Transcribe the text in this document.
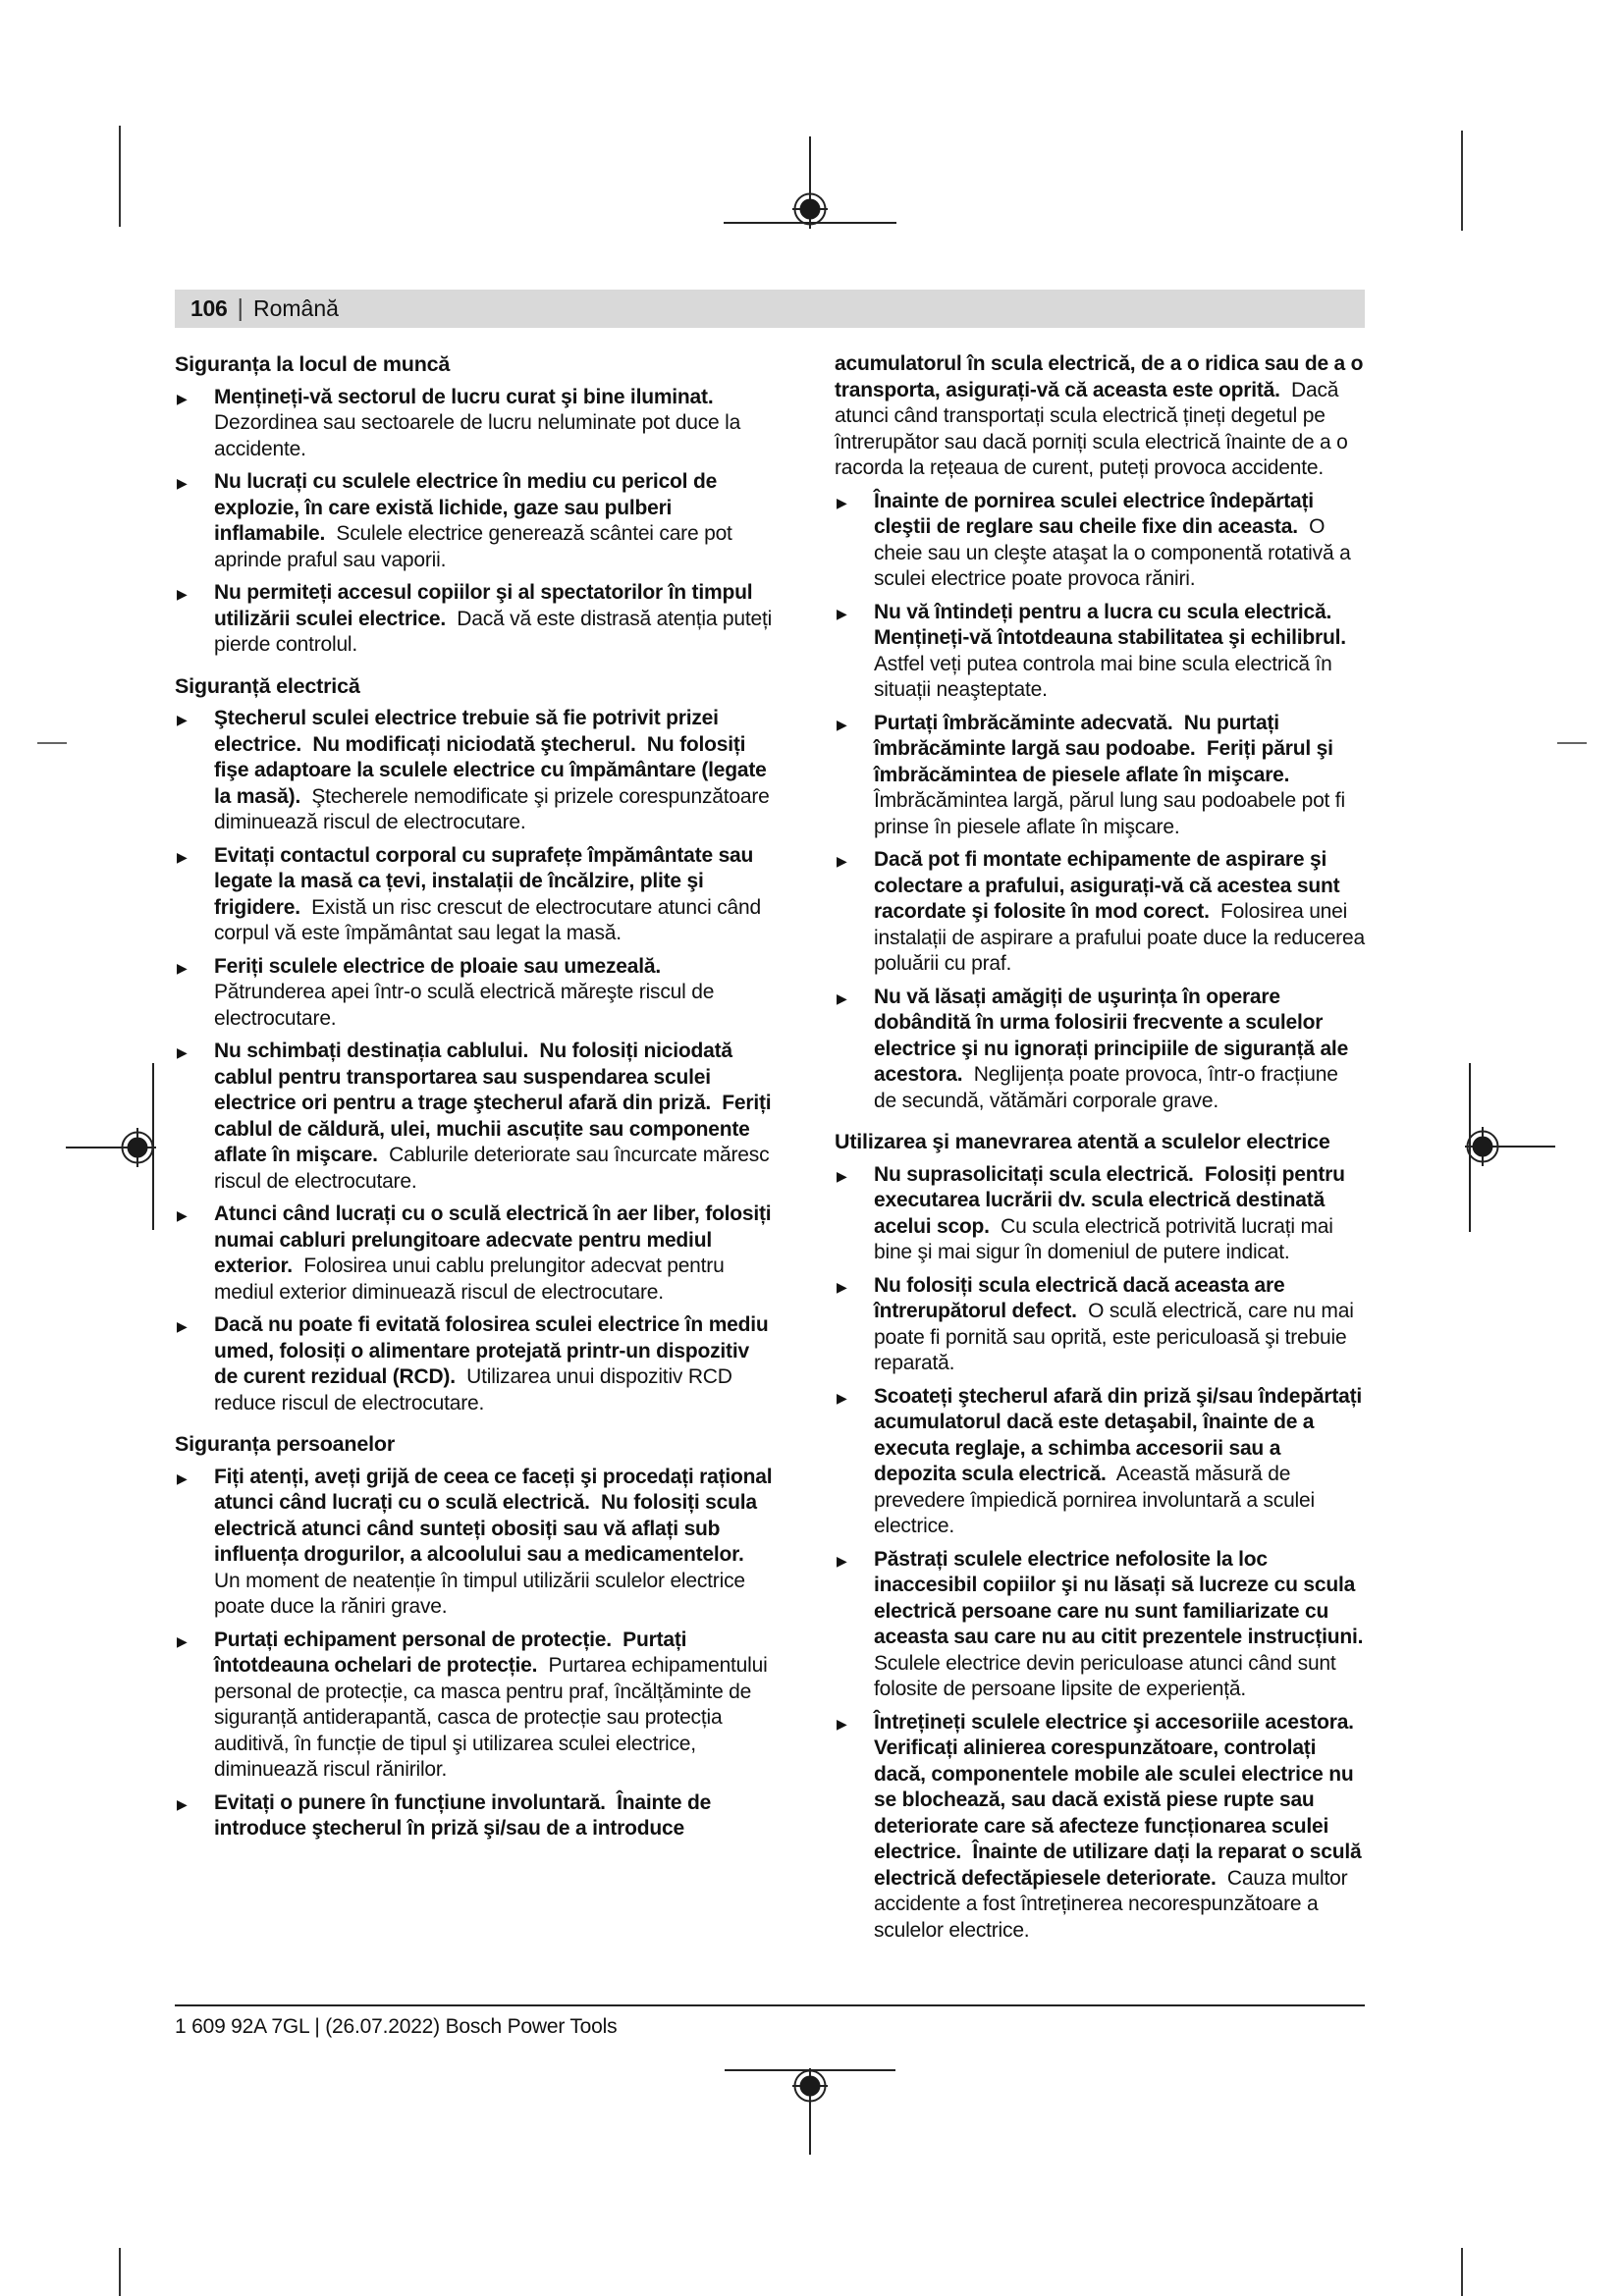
106 | Română
Siguranța la locul de muncă
▶ Mențineți-vă sectorul de lucru curat şi bine iluminat.  Dezordinea sau sectoarele de lucru neluminate pot duce la accidente.
▶ Nu lucrați cu sculele electrice în mediu cu pericol de explozie, în care există lichide, gaze sau pulberi inflamabile.  Sculele electrice generează scântei care pot aprinde praful sau vaporii.
▶ Nu permiteți accesul copiilor şi al spectatorilor în timpul utilizării sculei electrice.  Dacă vă este distrasă atenția puteți pierde controlul.
Siguranță electrică
▶ Ştecherul sculei electrice trebuie să fie potrivit prizei electrice.  Nu modificați niciodată ştecherul.  Nu folosiți fişe adaptoare la sculele electrice cu împământare (legate la masă).  Ştecherele nemodificate şi prizele corespunzătoare diminuează riscul de electrocutare.
▶ Evitați contactul corporal cu suprafețe împământate sau legate la masă ca țevi, instalații de încălzire, plite şi frigidere.  Există un risc crescut de electrocutare atunci când corpul vă este împământat sau legat la masă.
▶ Feriți sculele electrice de ploaie sau umezeală.  Pătrunderea apei într-o sculă electrică măreşte riscul de electrocutare.
▶ Nu schimbați destinația cablului.  Nu folosiți niciodată cablul pentru transportarea sau suspendarea sculei electrice ori pentru a trage ştecherul afară din priză.  Feriți cablul de căldură, ulei, muchii ascuțite sau componente aflate în mişcare.  Cablurile deteriorate sau încurcate măresc riscul de electrocutare.
▶ Atunci când lucrați cu o sculă electrică în aer liber, folosiți numai cabluri prelungitoare adecvate pentru mediul exterior.  Folosirea unui cablu prelungitor adecvat pentru mediul exterior diminuează riscul de electrocutare.
▶ Dacă nu poate fi evitată folosirea sculei electrice în mediu umed, folosiți o alimentare protejată printr-un dispozitiv de curent rezidual (RCD).  Utilizarea unui dispozitiv RCD reduce riscul de electrocutare.
Siguranța persoanelor
▶ Fiți atenți, aveți grijă de ceea ce faceți şi procedați rațional atunci când lucrați cu o sculă electrică.  Nu folosiți scula electrică atunci când sunteți obosiți sau vă aflați sub influența drogurilor, a alcoolului sau a medicamentelor.  Un moment de neatenție în timpul utilizării sculelor electrice poate duce la răniri grave.
▶ Purtați echipament personal de protecție.  Purtați întotdeauna ochelari de protecție.  Purtarea echipamentului personal de protecție, ca masca pentru praf, încălțăminte de siguranță antiderapantă, casca de protecție sau protecția auditivă, în funcție de tipul şi utilizarea sculei electrice, diminuează riscul rănirilor.
▶ Evitați o punere în funcțiune involuntară.  Înainte de introduce ştecherul în priză şi/sau de a introduce
acumulatorul în scula electrică, de a o ridica sau de a o transporta, asigurați-vă că aceasta este oprită.  Dacă atunci când transportați scula electrică țineți degetul pe întrerupător sau dacă porniți scula electrică înainte de a o racorda la rețeaua de curent, puteți provoca accidente.
▶ Înainte de pornirea sculei electrice îndepărtați cleştii de reglare sau cheile fixe din aceasta.  O cheie sau un cleşte ataşat la o componentă rotativă a sculei electrice poate provoca răniri.
▶ Nu vă întindeți pentru a lucra cu scula electrică.  Mențineți-vă întotdeauna stabilitatea şi echilibrul.  Astfel veți putea controla mai bine scula electrică în situații neaşteptate.
▶ Purtați îmbrăcăminte adecvată.  Nu purtați îmbrăcăminte largă sau podoabe.  Feriți părul şi îmbrăcămintea de piesele aflate în mişcare.  Îmbrăcămintea largă, părul lung sau podoabele pot fi prinse în piesele aflate în mişcare.
▶ Dacă pot fi montate echipamente de aspirare şi colectare a prafului, asigurați-vă că acestea sunt racordate şi folosite în mod corect.  Folosirea unei instalații de aspirare a prafului poate duce la reducerea poluării cu praf.
▶ Nu vă lăsați amăgiți de uşurința în operare dobândită în urma folosirii frecvente a sculelor electrice şi nu ignorați principiile de siguranță ale acestora.  Neglijența poate provoca, într-o fracțiune de secundă, vătămări corporale grave.
Utilizarea şi manevrarea atentă a sculelor electrice
▶ Nu suprasolicitați scula electrică.  Folosiți pentru executarea lucrării dv. scula electrică destinată acelui scop.  Cu scula electrică potrivită lucrați mai bine şi mai sigur în domeniul de putere indicat.
▶ Nu folosiți scula electrică dacă aceasta are întrerupătorul defect.  O sculă electrică, care nu mai poate fi pornită sau oprită, este periculoasă şi trebuie reparată.
▶ Scoateți ştecherul afară din priză şi/sau îndepărtați acumulatorul dacă este detaşabil, înainte de a executa reglaje, a schimba accesorii sau a depozita scula electrică.  Această măsură de prevedere împiedică pornirea involuntară a sculei electrice.
▶ Păstrați sculele electrice nefolosite la loc inaccesibil copiilor şi nu lăsați să lucreze cu scula electrică persoane care nu sunt familiarizate cu aceasta sau care nu au citit prezentele instrucțiuni.  Sculele electrice devin periculoase atunci când sunt folosite de persoane lipsite de experiență.
▶ Întrețineți sculele electrice şi accesoriile acestora. Verificați alinierea corespunzătoare, controlați dacă, componentele mobile ale sculei electrice nu se blochează, sau dacă există piese rupte sau deteriorate care să afecteze funcționarea sculei electrice.  Înainte de utilizare dați la reparat o sculă electrică defectăpiesele deteriorate.  Cauza multor accidente a fost întreținerea necorespunzătoare a sculelor electrice.
1 609 92A 7GL | (26.07.2022) Bosch Power Tools
